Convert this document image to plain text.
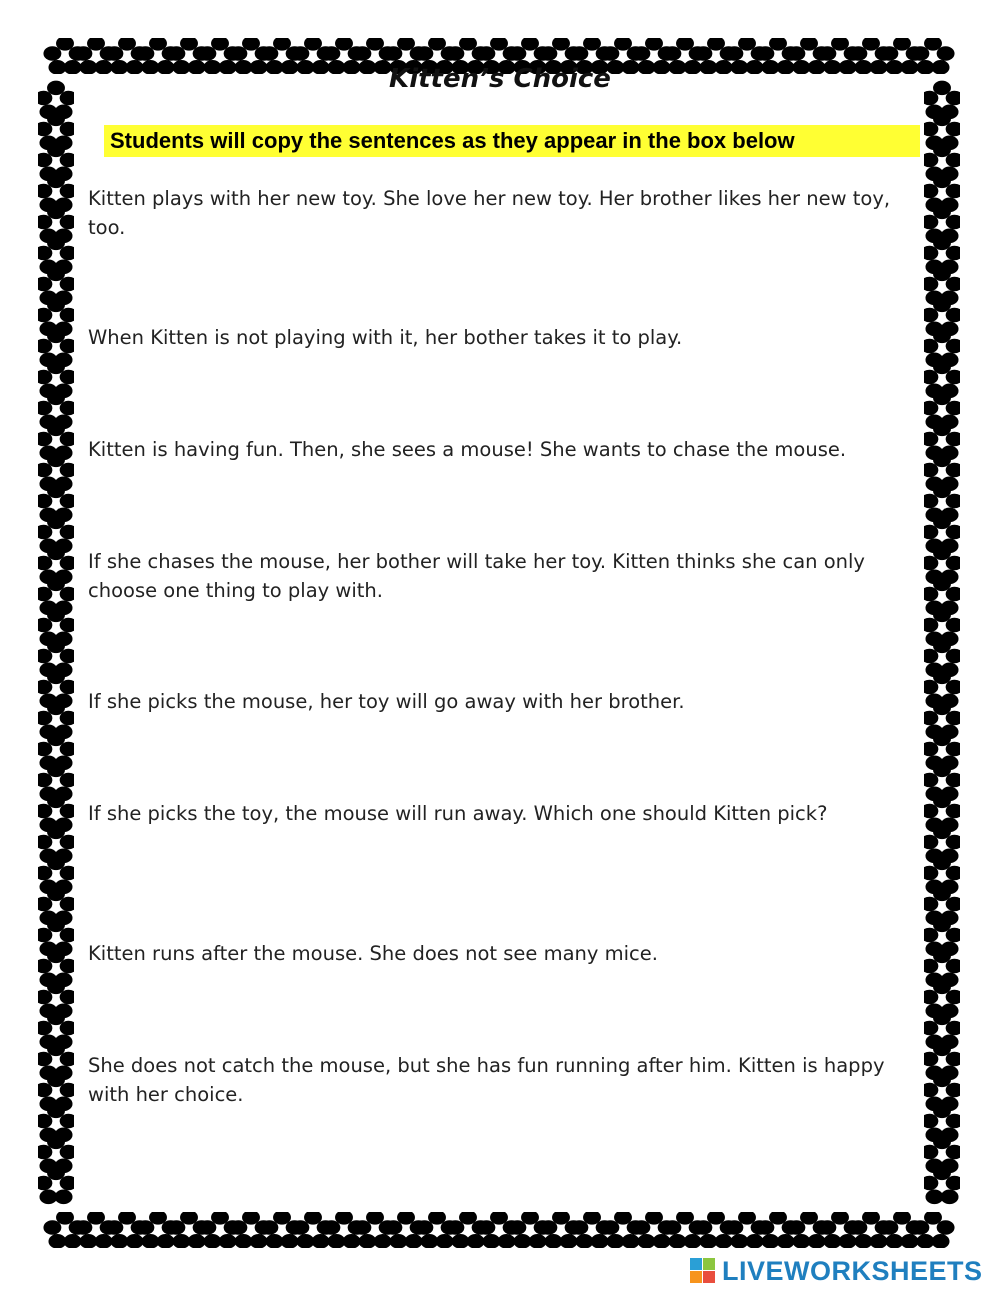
Kitten’s Choice
Students will copy the sentences as they appear in the box below
Kitten plays with her new toy. She love her new toy. Her brother likes her new toy, too.
When Kitten is not playing with it, her bother takes it to play.
Kitten is having fun. Then, she sees a mouse! She wants to chase the mouse.
If she chases the mouse, her bother will take her toy. Kitten thinks she can only choose one thing to play with.
If she picks the mouse, her toy will go away with her brother.
If she picks the toy, the mouse will run away. Which one should Kitten pick?
Kitten runs after the mouse. She does not see many mice.
She does not catch the mouse, but she has fun running after him. Kitten is happy with her choice.
LIVEWORKSHEETS
